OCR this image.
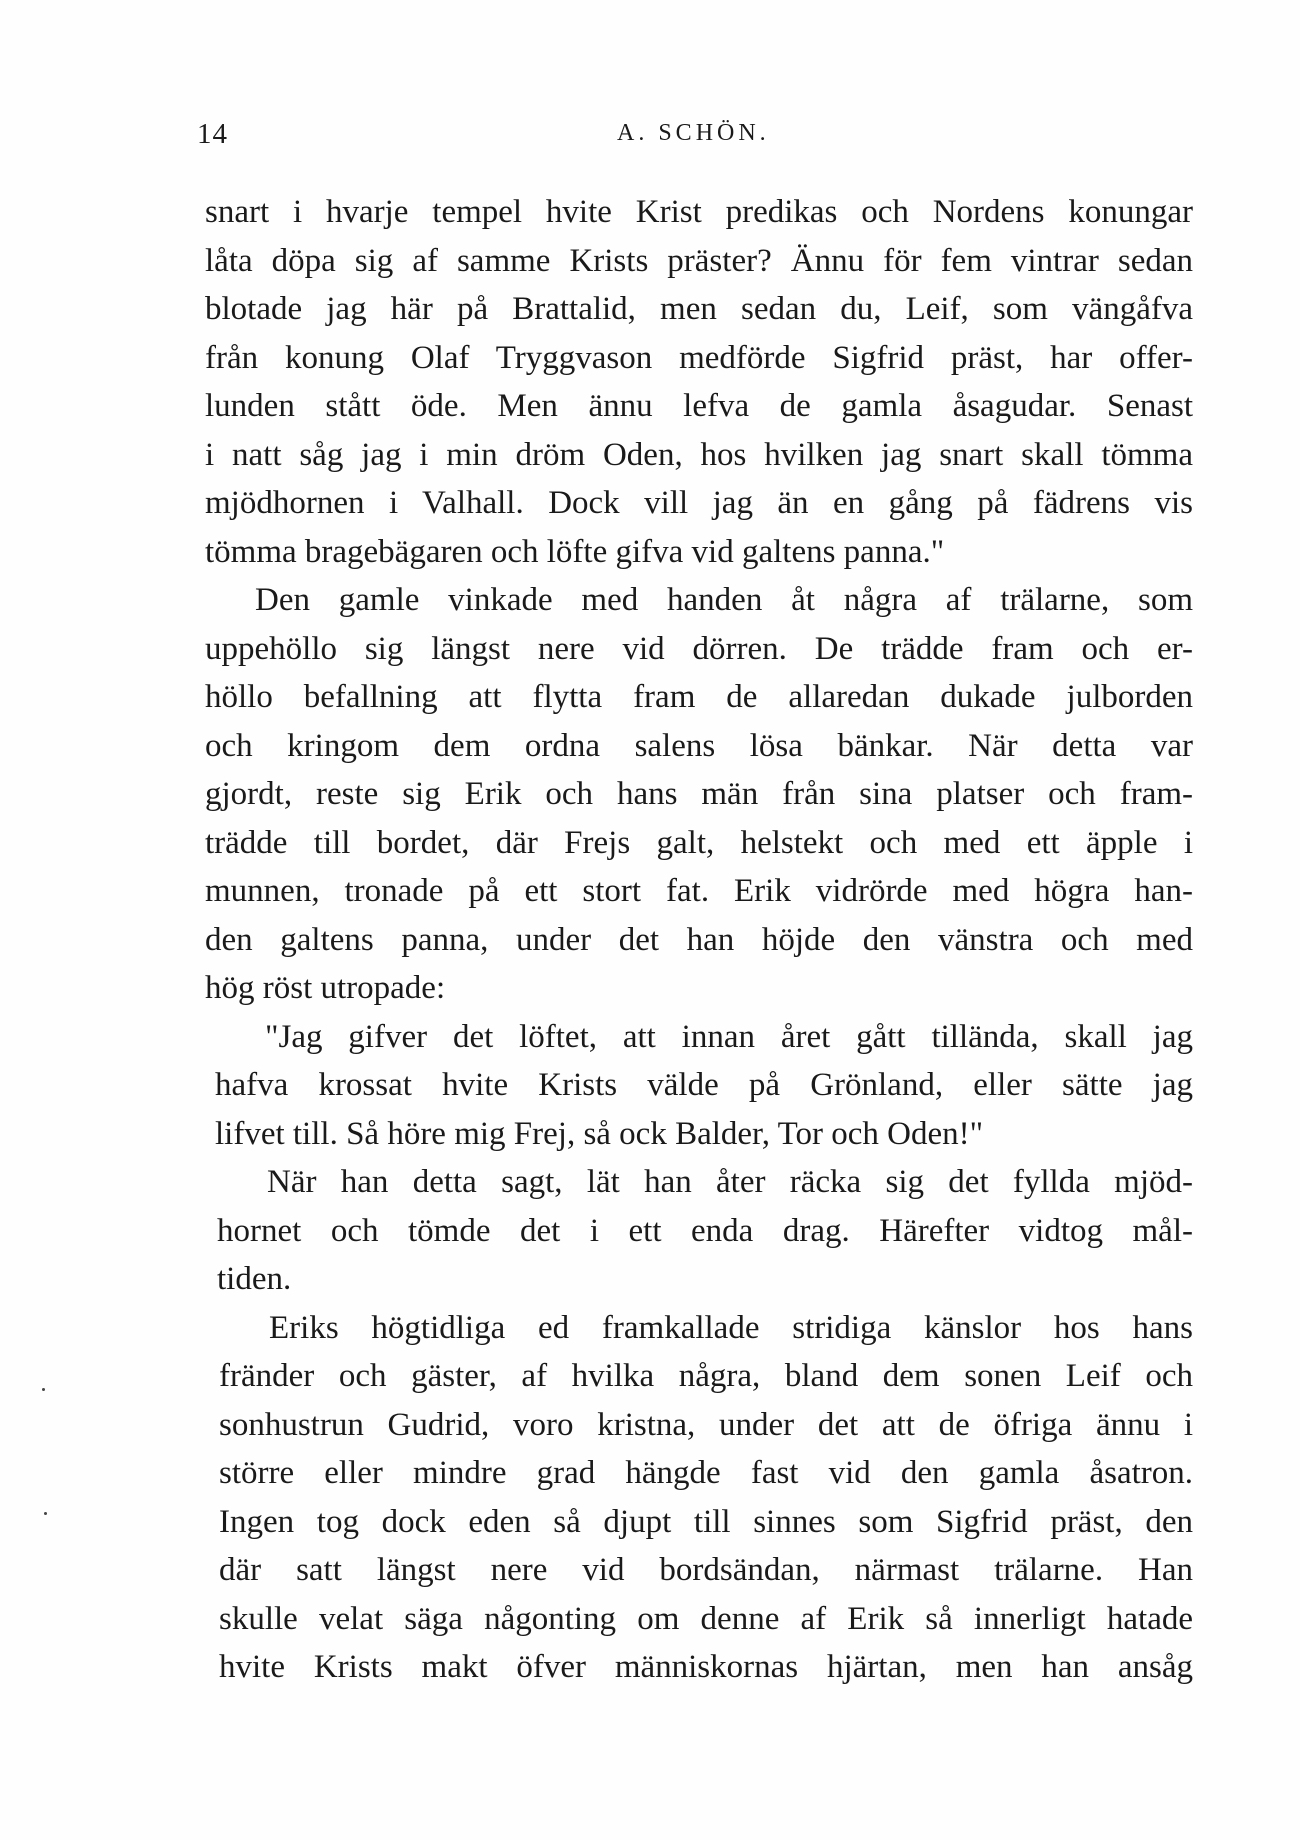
14	A. SCHÖN.
snart i hvarje tempel hvite Krist predikas och Nordens konungar
låta döpa sig af samme Krists präster? Ännu för fem vintrar sedan
blotade jag här på Brattalid, men sedan du, Leif, som vängåfva
från konung Olaf Tryggvason medförde Sigfrid präst, har offer-
lunden stått öde. Men ännu lefva de gamla åsagudar. Senast
i natt såg jag i min dröm Oden, hos hvilken jag snart skall tömma
mjödhornen i Valhall. Dock vill jag än en gång på fädrens vis
tömma bragebägaren och löfte gifva vid galtens panna."
Den gamle vinkade med handen åt några af trälarne, som
uppehöllo sig längst nere vid dörren. De trädde fram och er-
höllo befallning att flytta fram de allaredan dukade julborden
och kringom dem ordna salens lösa bänkar. När detta var
gjordt, reste sig Erik och hans män från sina platser och fram-
trädde till bordet, där Frejs galt, helstekt och med ett äpple i
munnen, tronade på ett stort fat. Erik vidrörde med högra han-
den galtens panna, under det han höjde den vänstra och med
hög röst utropade:
"Jag gifver det löftet, att innan året gått tilländа, skall jag
hafva krossat hvite Krists välde på Grönland, eller sätte jag
lifvet till. Så höre mig Frej, så ock Balder, Tor och Oden!"
När han detta sagt, lät han åter räcka sig det fyllda mjöd-
hornet och tömde det i ett enda drag. Härefter vidtog mål-
tiden.
Eriks högtidliga ed framkallade stridiga känslor hos hans
fränder och gäster, af hvilka några, bland dem sonen Leif och
sonhustrun Gudrid, voro kristna, under det att de öfriga ännu i
större eller mindre grad hängde fast vid den gamla åsatron.
Ingen tog dock eden så djupt till sinnes som Sigfrid präst, den
där satt längst nere vid bordsändan, närmast trälarne. Han
skulle velat säga någonting om denne af Erik så innerligt hatade
hvite Krists makt öfver människornas hjärtan, men han ansåg
